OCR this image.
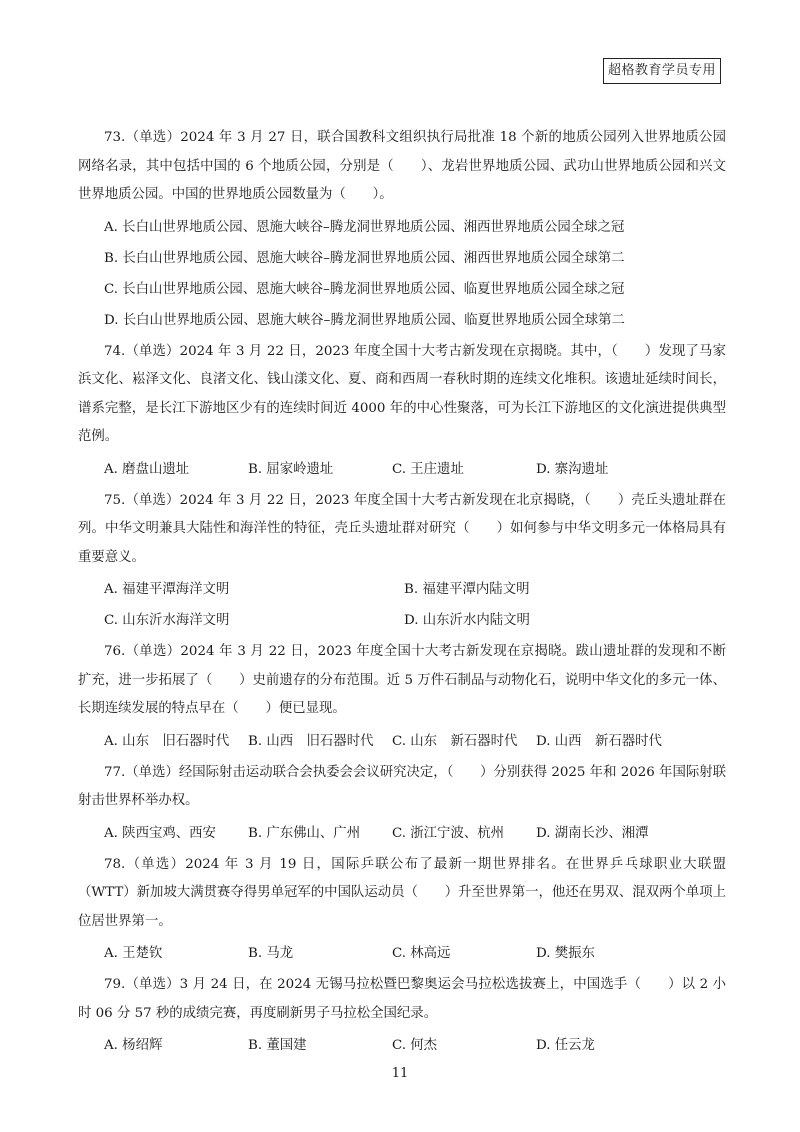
超格教育学员专用

73.（单选）2024 年 3 月 27 日，联合国教科文组织执行局批准 18 个新的地质公园列入世界地质公园网络名录，其中包括中国的 6 个地质公园，分别是（　　）、龙岩世界地质公园、武功山世界地质公园和兴文世界地质公园。中国的世界地质公园数量为（　　）。

A. 长白山世界地质公园、恩施大峡谷–腾龙洞世界地质公园、湘西世界地质公园全球之冠
B. 长白山世界地质公园、恩施大峡谷–腾龙洞世界地质公园、湘西世界地质公园全球第二
C. 长白山世界地质公园、恩施大峡谷–腾龙洞世界地质公园、临夏世界地质公园全球之冠
D. 长白山世界地质公园、恩施大峡谷–腾龙洞世界地质公园、临夏世界地质公园全球第二

74.（单选）2024 年 3 月 22 日，2023 年度全国十大考古新发现在京揭晓。其中，（　　）发现了马家浜文化、崧泽文化、良渚文化、钱山漾文化、夏、商和西周一春秋时期的连续文化堆积。该遗址延续时间长，谱系完整，是长江下游地区少有的连续时间近 4000 年的中心性聚落，可为长江下游地区的文化演进提供典型范例。

A. 磨盘山遗址	B. 屈家岭遗址	C. 王庄遗址	D. 寨沟遗址

75.（单选）2024 年 3 月 22 日，2023 年度全国十大考古新发现在北京揭晓，（　　）壳丘头遗址群在列。中华文明兼具大陆性和海洋性的特征，壳丘头遗址群对研究（　　）如何参与中华文明多元一体格局具有重要意义。

A. 福建平潭海洋文明	B. 福建平潭内陆文明
C. 山东沂水海洋文明	D. 山东沂水内陆文明

76.（单选）2024 年 3 月 22 日，2023 年度全国十大考古新发现在京揭晓。跋山遗址群的发现和不断扩充，进一步拓展了（　　）史前遗存的分布范围。近 5 万件石制品与动物化石，说明中华文化的多元一体、长期连续发展的特点早在（　　）便已显现。

A. 山东　旧石器时代	B. 山西　旧石器时代	C. 山东　新石器时代	D. 山西　新石器时代

77.（单选）经国际射击运动联合会执委会会议研究决定，（　　）分别获得 2025 年和 2026 年国际射联射击世界杯举办权。

A. 陕西宝鸡、西安	B. 广东佛山、广州	C. 浙江宁波、杭州	D. 湖南长沙、湘潭

78.（单选）2024 年 3 月 19 日，国际乒联公布了最新一期世界排名。在世界乒乓球职业大联盟（WTT）新加坡大满贯赛夺得男单冠军的中国队运动员（　　）升至世界第一，他还在男双、混双两个单项上位居世界第一。

A. 王楚钦	B. 马龙	C. 林高远	D. 樊振东

79.（单选）3 月 24 日，在 2024 无锡马拉松暨巴黎奥运会马拉松选拔赛上，中国选手（　　）以 2 小时 06 分 57 秒的成绩完赛，再度刷新男子马拉松全国纪录。

A. 杨绍辉	B. 董国建	C. 何杰	D. 任云龙
11
